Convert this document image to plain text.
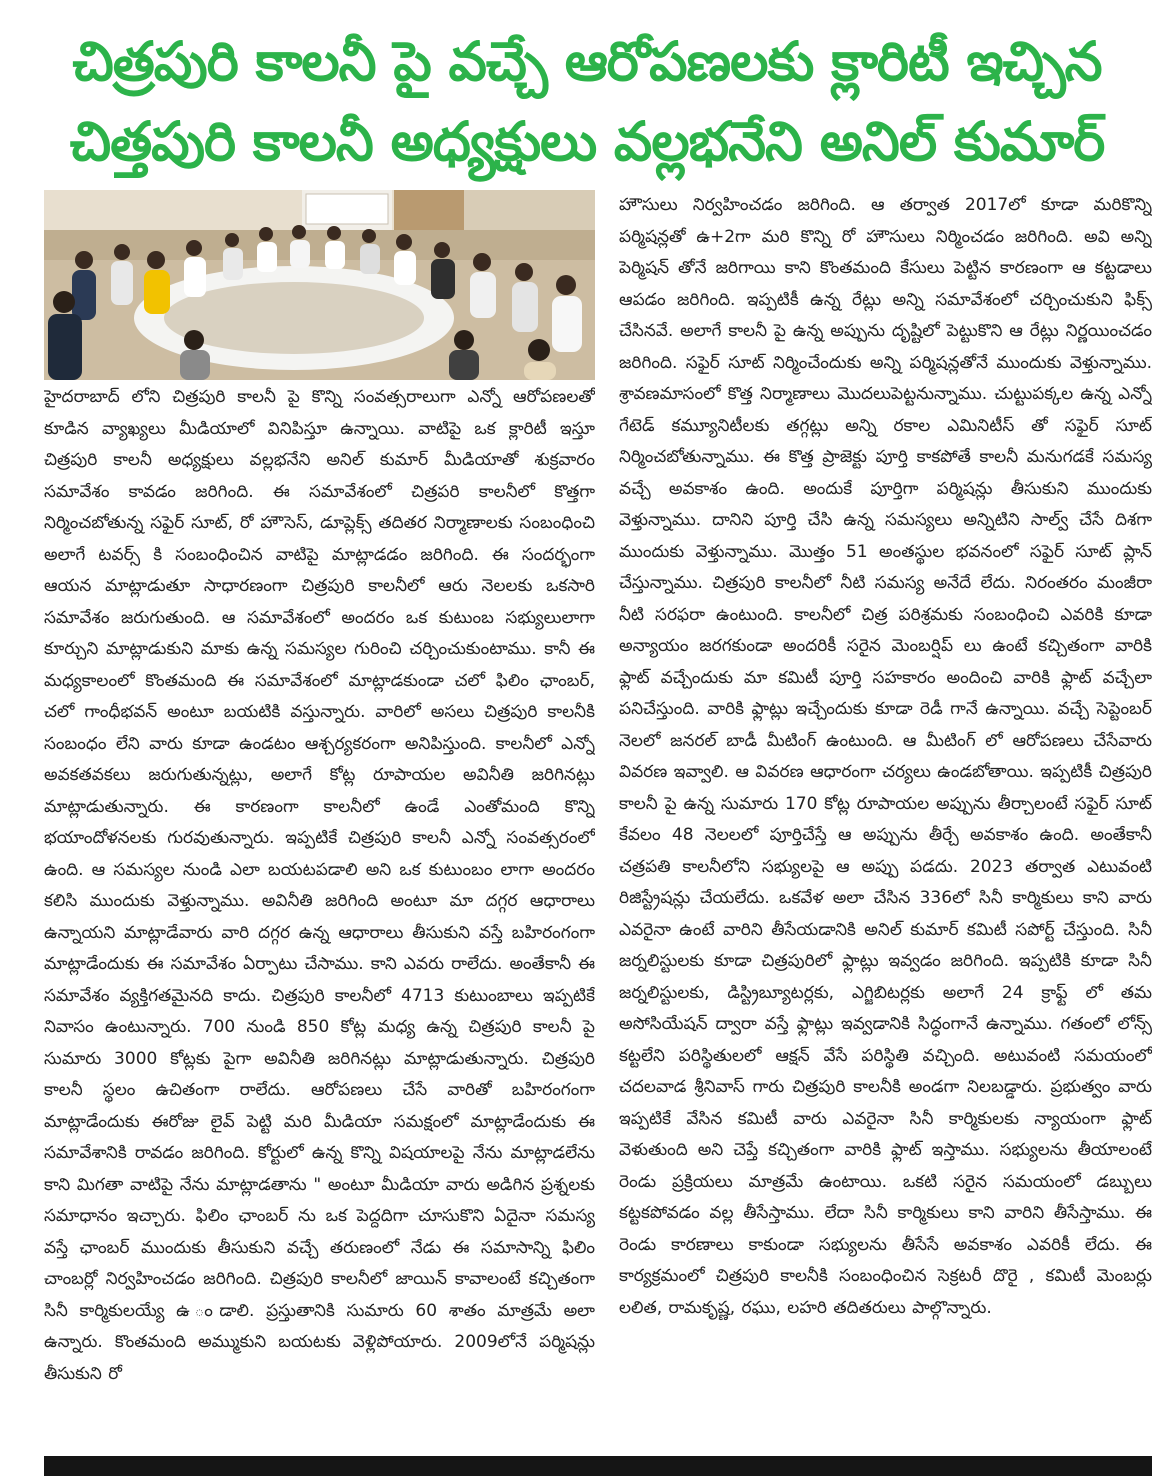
చిత్రపురి కాలనీ పై వచ్చే ఆరోపణలకు క్లారిటీ ఇచ్చిన
చిత్తపురి కాలనీ అధ్యక్షులు వల్లభనేని అనిల్ కుమార్

హైదరాబాద్ లోని చిత్రపురి కాలనీ పై కొన్ని సంవత్సరాలుగా ఎన్నో ఆరోపణలతో కూడిన వ్యాఖ్యలు మీడియాలో వినిపిస్తూ ఉన్నాయి. వాటిపై ఒక క్లారిటీ ఇస్తూ చిత్రపురి కాలనీ అధ్యక్షులు వల్లభనేని అనిల్ కుమార్ మీడియాతో శుక్రవారం సమావేశం కావడం జరిగింది. ఈ సమావేశంలో చిత్రపరి కాలనీలో కొత్తగా నిర్మించబోతున్న సఫైర్ సూట్, రో హౌసెస్, డూప్లెక్స్ తదితర నిర్మాణాలకు సంబంధించి అలాగే టవర్స్ కి సంబంధించిన వాటిపై మాట్లాడడం జరిగింది. ఈ సందర్భంగా ఆయన మాట్లాడుతూ సాధారణంగా చిత్రపురి కాలనీలో ఆరు నెలలకు ఒకసారి సమావేశం జరుగుతుంది. ఆ సమావేశంలో అందరం ఒక కుటుంబ సభ్యులులాగా కూర్చుని మాట్లాడుకుని మాకు ఉన్న సమస్యల గురించి చర్చించుకుంటాము. కానీ ఈ మధ్యకాలంలో కొంతమంది ఈ సమావేశంలో మాట్లాడకుండా చలో ఫిలిం ఛాంబర్, చలో గాంధీభవన్ అంటూ బయటికి వస్తున్నారు. వారిలో అసలు చిత్రపురి కాలనీకి సంబంధం లేని వారు కూడా ఉండటం ఆశ్చర్యకరంగా అనిపిస్తుంది. కాలనీలో ఎన్నో అవకతవకలు జరుగుతున్నట్లు, అలాగే కోట్ల రూపాయల అవినీతి జరిగినట్లు మాట్లాడుతున్నారు. ఈ కారణంగా కాలనీలో ఉండే ఎంతోమంది కొన్ని భయాందోళనలకు గురవుతున్నారు. ఇప్పటికే చిత్రపురి కాలనీ ఎన్నో సంవత్సరంలో ఉంది. ఆ సమస్యల నుండి ఎలా బయటపడాలి అని ఒక కుటుంబం లాగా అందరం కలిసి ముందుకు వెళ్తున్నాము. అవినీతి జరిగింది అంటూ మా దగ్గర ఆధారాలు ఉన్నాయని మాట్లాడేవారు వారి దగ్గర ఉన్న ఆధారాలు తీసుకుని వస్తే బహిరంగంగా మాట్లాడేందుకు ఈ సమావేశం ఏర్పాటు చేసాము. కాని ఎవరు రాలేదు. అంతేకానీ ఈ సమావేశం వ్యక్తిగతమైనది కాదు. చిత్రపురి కాలనీలో 4713 కుటుంబాలు ఇప్పటికే నివాసం ఉంటున్నారు. 700 నుండి 850 కోట్ల మధ్య ఉన్న చిత్రపురి కాలనీ పై సుమారు 3000 కోట్లకు పైగా అవినీతి జరిగినట్లు మాట్లాడుతున్నారు. చిత్రపురి కాలనీ స్థలం ఉచితంగా రాలేదు. ఆరోపణలు చేసే వారితో బహిరంగంగా మాట్లాడేందుకు ఈరోజు లైవ్ పెట్టి మరి మీడియా సమక్షంలో మాట్లాడేందుకు ఈ సమావేశానికి రావడం జరిగింది. కోర్టులో ఉన్న కొన్ని విషయాలపై నేను మాట్లాడలేను కాని మిగతా వాటిపై నేను మాట్లాడతాను " అంటూ మీడియా వారు అడిగిన ప్రశ్నలకు సమాధానం ఇచ్చారు. ఫిలిం ఛాంబర్ ను ఒక పెద్దదిగా చూసుకొని ఏదైనా సమస్య వస్తే ఛాంబర్ ముందుకు తీసుకుని వచ్చే తరుణంలో నేడు ఈ సమాసాన్ని ఫిలిం చాంబర్లో నిర్వహించడం జరిగింది. చిత్రపురి కాలనీలో జాయిన్ కావాలంటే కచ్చితంగా సినీ కార్మికులయ్యే ఉ ండాలి. ప్రస్తుతానికి సుమారు 60 శాతం మాత్రమే అలా ఉన్నారు. కొంతమంది అమ్ముకుని బయటకు వెళ్లిపోయారు. 2009లోనే పర్మిషన్లు తీసుకుని రో

హౌసులు నిర్వహించడం జరిగింది. ఆ తర్వాత 2017లో కూడా మరికొన్ని పర్మిషన్లతో ఉ+2గా మరి కొన్ని రో హౌసులు నిర్మించడం జరిగింది. అవి అన్ని పెర్మిషన్ తోనే జరిగాయి కాని కొంతమంది కేసులు పెట్టిన కారణంగా ఆ కట్టడాలు ఆపడం జరిగింది. ఇప్పటికీ ఉన్న రేట్లు అన్ని సమావేశంలో చర్చించుకుని ఫిక్స్ చేసినవే. అలాగే కాలనీ పై ఉన్న అప్పును దృష్టిలో పెట్టుకొని ఆ రేట్లు నిర్ణయించడం జరిగింది. సఫైర్ సూట్ నిర్మించేందుకు అన్ని పర్మిషన్లతోనే ముందుకు వెళ్తున్నాము. శ్రావణమాసంలో కొత్త నిర్మాణాలు మొదలుపెట్టనున్నాము. చుట్టుపక్కల ఉన్న ఎన్నో గేటెడ్ కమ్యూనిటీలకు తగ్గట్లు అన్ని రకాల ఎమినిటీస్ తో సఫైర్ సూట్ నిర్మించబోతున్నాము. ఈ కొత్త ప్రాజెక్టు పూర్తి కాకపోతే కాలనీ మనుగడకే సమస్య వచ్చే అవకాశం ఉంది. అందుకే పూర్తిగా పర్మిషన్లు తీసుకుని ముందుకు వెళ్తున్నాము. దానిని పూర్తి చేసి ఉన్న సమస్యలు అన్నిటిని సాల్వ్ చేసే దిశగా ముందుకు వెళ్తున్నాము. మొత్తం 51 అంతస్థుల భవనంలో సఫైర్ సూట్ ప్లాన్ చేస్తున్నాము. చిత్రపురి కాలనీలో నీటి సమస్య అనేదే లేదు. నిరంతరం మంజీరా నీటి సరఫరా ఉంటుంది. కాలనీలో చిత్ర పరిశ్రమకు సంబంధించి ఎవరికి కూడా అన్యాయం జరగకుండా అందరికీ సరైన మెంబర్షిప్ లు ఉంటే కచ్చితంగా వారికి ఫ్లాట్ వచ్చేందుకు మా కమిటీ పూర్తి సహకారం అందించి వారికి ఫ్లాట్ వచ్చేలా పనిచేస్తుంది. వారికి ఫ్లాట్లు ఇచ్చేందుకు కూడా రెడీ గానే ఉన్నాయి. వచ్చే సెప్టెంబర్ నెలలో జనరల్ బాడీ మీటింగ్ ఉంటుంది. ఆ మీటింగ్ లో ఆరోపణలు చేసేవారు వివరణ ఇవ్వాలి. ఆ వివరణ ఆధారంగా చర్యలు ఉండబోతాయి. ఇప్పటికీ చిత్రపురి కాలనీ పై ఉన్న సుమారు 170 కోట్ల రూపాయల అప్పును తీర్చాలంటే సఫైర్ సూట్ కేవలం 48 నెలలలో పూర్తిచేస్తే ఆ అప్పును తీర్చే అవకాశం ఉంది. అంతేకానీ చత్రపతి కాలనీలోని సభ్యులపై ఆ అప్పు పడదు. 2023 తర్వాత ఎటువంటి రిజిస్ట్రేషన్లు చేయలేదు. ఒకవేళ అలా చేసిన 336లో సినీ కార్మికులు కాని వారు ఎవరైనా ఉంటే వారిని తీసేయడానికి అనిల్ కుమార్ కమిటీ సపోర్ట్ చేస్తుంది. సినీ జర్నలిస్టులకు కూడా చిత్రపురిలో ఫ్లాట్లు ఇవ్వడం జరిగింది. ఇప్పటికి కూడా సినీ జర్నలిస్టులకు, డిస్ట్రిబ్యూటర్లకు, ఎగ్జిబిటర్లకు అలాగే 24 క్రాఫ్ట్ లో తమ అసోసియేషన్ ద్వారా వస్తే ఫ్లాట్లు ఇవ్వడానికి సిద్ధంగానే ఉన్నాము. గతంలో లోన్స్ కట్టలేని పరిస్థితులలో ఆక్షన్ వేసే పరిస్థితి వచ్చింది. అటువంటి సమయంలో చదలవాడ శ్రీనివాస్ గారు చిత్రపురి కాలనీకి అండగా నిలబడ్డారు. ప్రభుత్వం వారు ఇప్పటికే వేసిన కమిటీ వారు ఎవరైనా సినీ కార్మికులకు న్యాయంగా ఫ్లాట్ వెళుతుంది అని చెప్తే కచ్చితంగా వారికి ఫ్లాట్ ఇస్తాము. సభ్యులను తీయాలంటే రెండు ప్రక్రియలు మాత్రమే ఉంటాయి. ఒకటి సరైన సమయంలో డబ్బులు కట్టకపోవడం వల్ల తీసేస్తాము. లేదా సినీ కార్మికులు కాని వారిని తీసేస్తాము. ఈ రెండు కారణాలు కాకుండా సభ్యులను తీసేసే అవకాశం ఎవరికీ లేదు. ఈ కార్యక్రమంలో చిత్రపురి కాలనీకి సంబంధించిన సెక్రటరీ దొరై , కమిటీ మెంబర్లు లలిత, రామకృష్ణ, రఘు, లహరి తదితరులు పాల్గొన్నారు.
